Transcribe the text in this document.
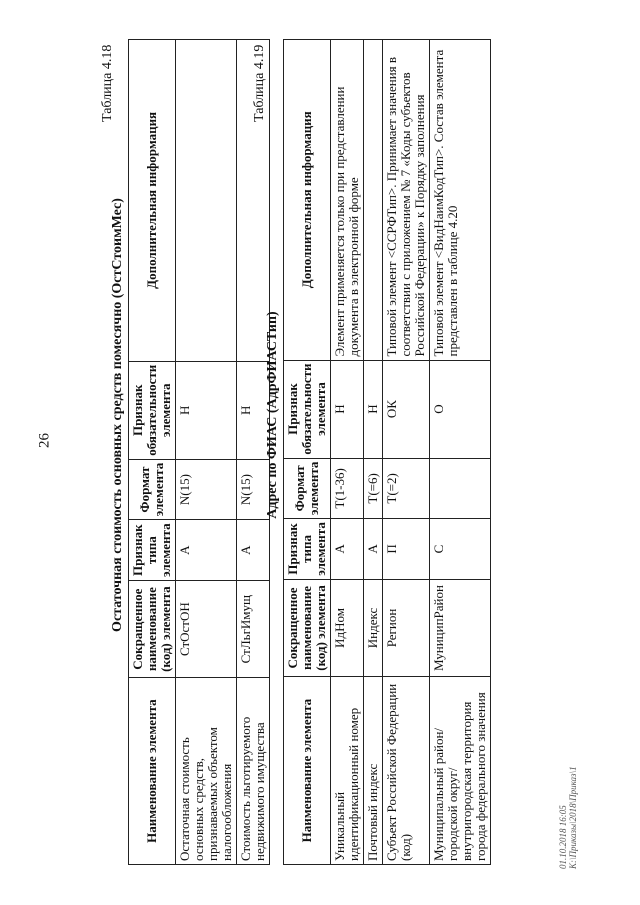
26
Таблица 4.18
Остаточная стоимость основных средств помесячно (ОстСтоимМес)
Наименование элемента	Сокращенное наименование (код) элемента	Признак типа элемента	Формат элемента	Признак обязательности элемента	Дополнительная информация
Остаточная стоимость основных средств, признаваемых объектом налогообложения	СтОстОН	А	N(15)	Н	
Стоимость льготируемого недвижимого имущества	СтЛьгИмущ	А	N(15)	Н	
Таблица 4.19
Адрес по ФИАС (АдрФИАСТип)
Наименование элемента	Сокращенное наименование (код) элемента	Признак типа элемента	Формат элемента	Признак обязательности элемента	Дополнительная информация
Уникальный идентификационный номер	ИдНом	А	T(1-36)	Н	Элемент применяется только при представлении документа в электронной форме
Почтовый индекс	Индекс	А	T(=6)	Н	
Субъект Российской Федерации (код)	Регион	П	T(=2)	ОК	Типовой элемент <ССРФТип>. Принимает значения в соответствии с приложением № 7 «Коды субъектов Российской Федерации» к Порядку заполнения
Муниципальный район/ городской округ/ внутригородская территория города федерального значения	МуниципРайон	С		О	Типовой элемент <ВидНаимКодТип>. Состав элемента представлен в таблице 4.20
01.10.2018 16:05 К:\Приказы\2018\Приказ\1
